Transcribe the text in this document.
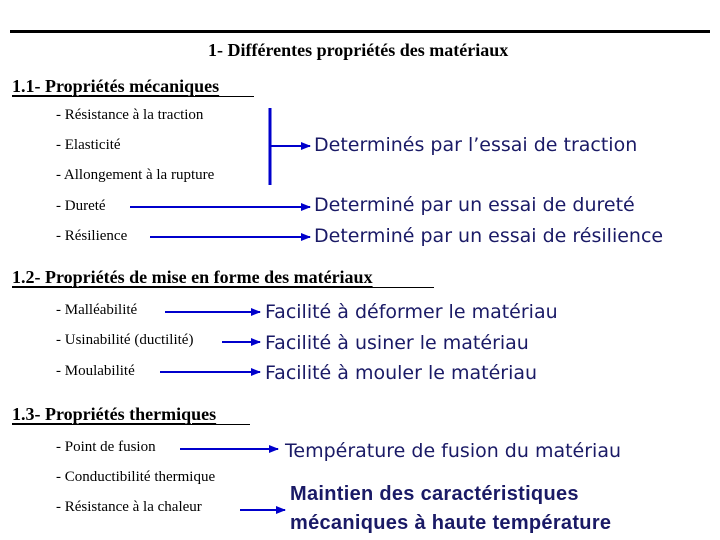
1- Différentes propriétés des matériaux
1.1- Propriétés mécaniques
- Résistance à la traction
- Elasticité
- Allongement à la rupture
- Dureté
- Résilience
Determinés par l’essai de traction
Determiné par un essai de dureté
Determiné par un essai de résilience
1.2- Propriétés de mise en forme des matériaux
- Malléabilité
- Usinabilité (ductilité)
- Moulabilité
Facilité à déformer le matériau
Facilité à usiner le matériau
Facilité à mouler le matériau
1.3- Propriétés thermiques
- Point de fusion
- Conductibilité thermique
- Résistance à la chaleur
Température de fusion du matériau
Maintien des caractéristiques
mécaniques à haute température
